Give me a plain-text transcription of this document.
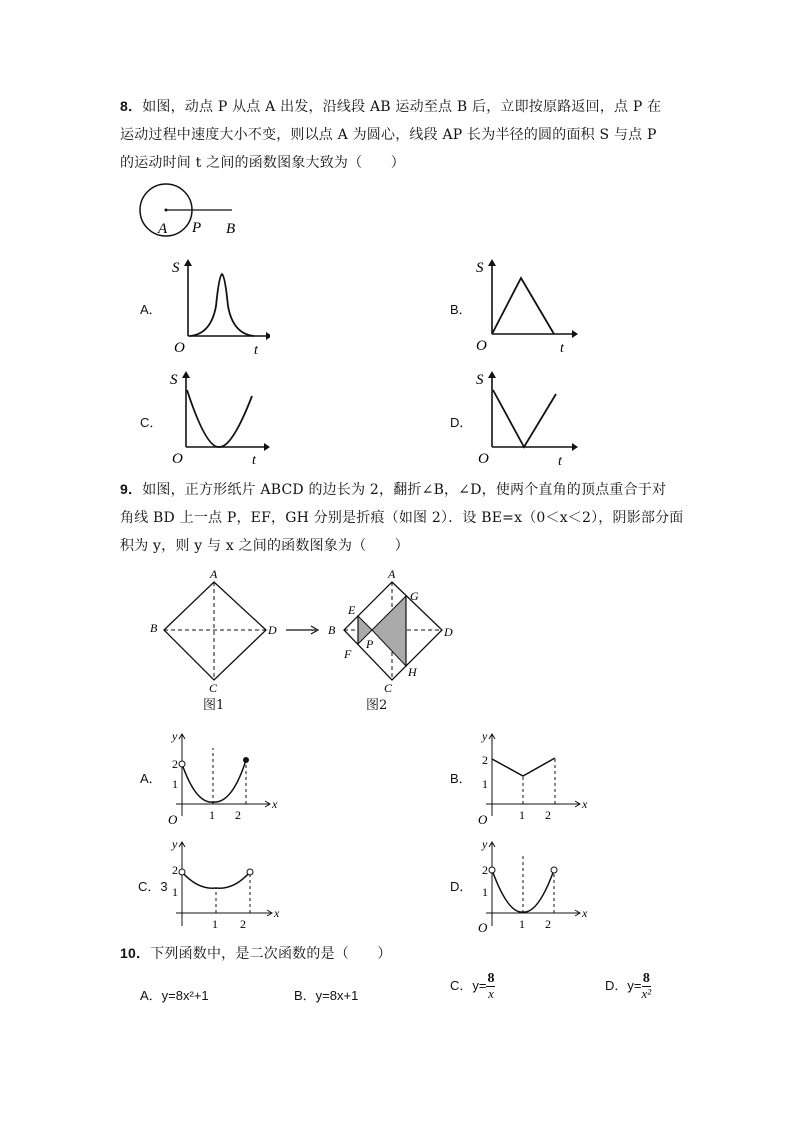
8．如图，动点 P 从点 A 出发，沿线段 AB 运动至点 B 后，立即按原路返回，点 P 在
运动过程中速度大小不变，则以点 A 为圆心，线段 AP 长为半径的圆的面积 S 与点 P
的运动时间 t 之间的函数图象大致为（　　）
A P B
A．
S
O	t
B．
S
O	t
C．
S
O	t
D．
S
O	t
9．如图，正方形纸片 ABCD 的边长为 2，翻折∠B，∠D，使两个直角的顶点重合于对
角线 BD 上一点 P，EF，GH 分别是折痕（如图 2）．设 BE=x（0＜x＜2），阴影部分面
积为 y，则 y 与 x 之间的函数图象为（　　）
A
B
C
D
图1
A
B
C
D
E
F
G
H
P
图2
A．
y
x
O
2
1
1 2
B．
y
x
O
2
1
1 2
C．3
y
x
2
1
1 2
D．
y
x
O
2
1
1 2
10．下列函数中，是二次函数的是（　　）
A．y=8x²+1	B．y=8x+1
C．$y= \frac{8}{x}$	D．$y= \frac{8}{\text{x²}}$
